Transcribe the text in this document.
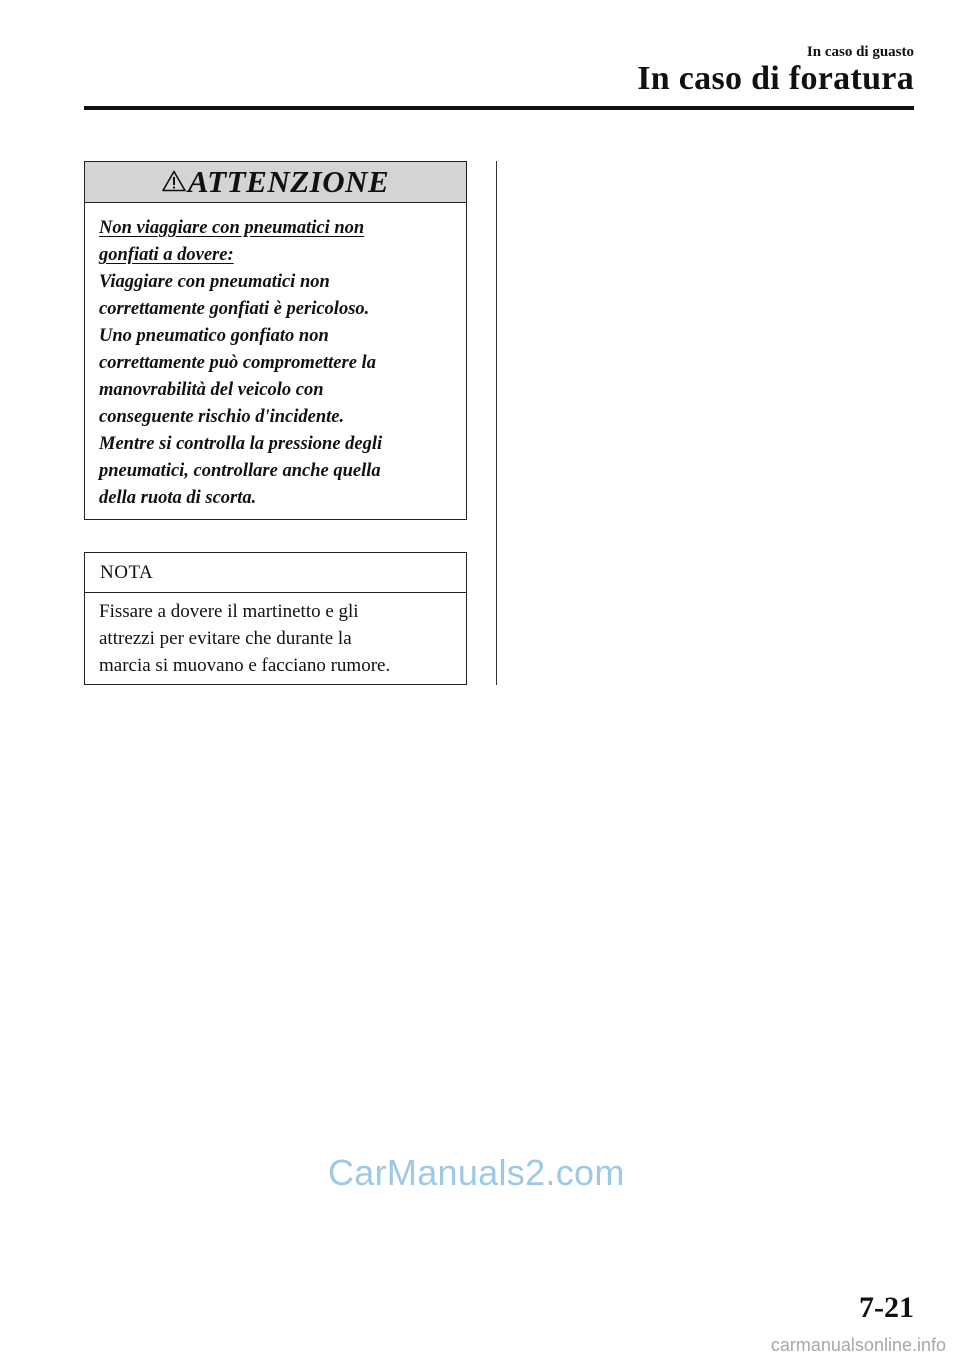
In caso di guasto
In caso di foratura
ATTENZIONE
Non viaggiare con pneumatici non
gonfiati a dovere:
Viaggiare con pneumatici non
correttamente gonfiati è pericoloso.
Uno pneumatico gonfiato non
correttamente può compromettere la
manovrabilità del veicolo con
conseguente rischio d'incidente.
Mentre si controlla la pressione degli
pneumatici, controllare anche quella
della ruota di scorta.
NOTA
Fissare a dovere il martinetto e gli
attrezzi per evitare che durante la
marcia si muovano e facciano rumore.
CarManuals2.com
7-21
carmanualsonline.info
